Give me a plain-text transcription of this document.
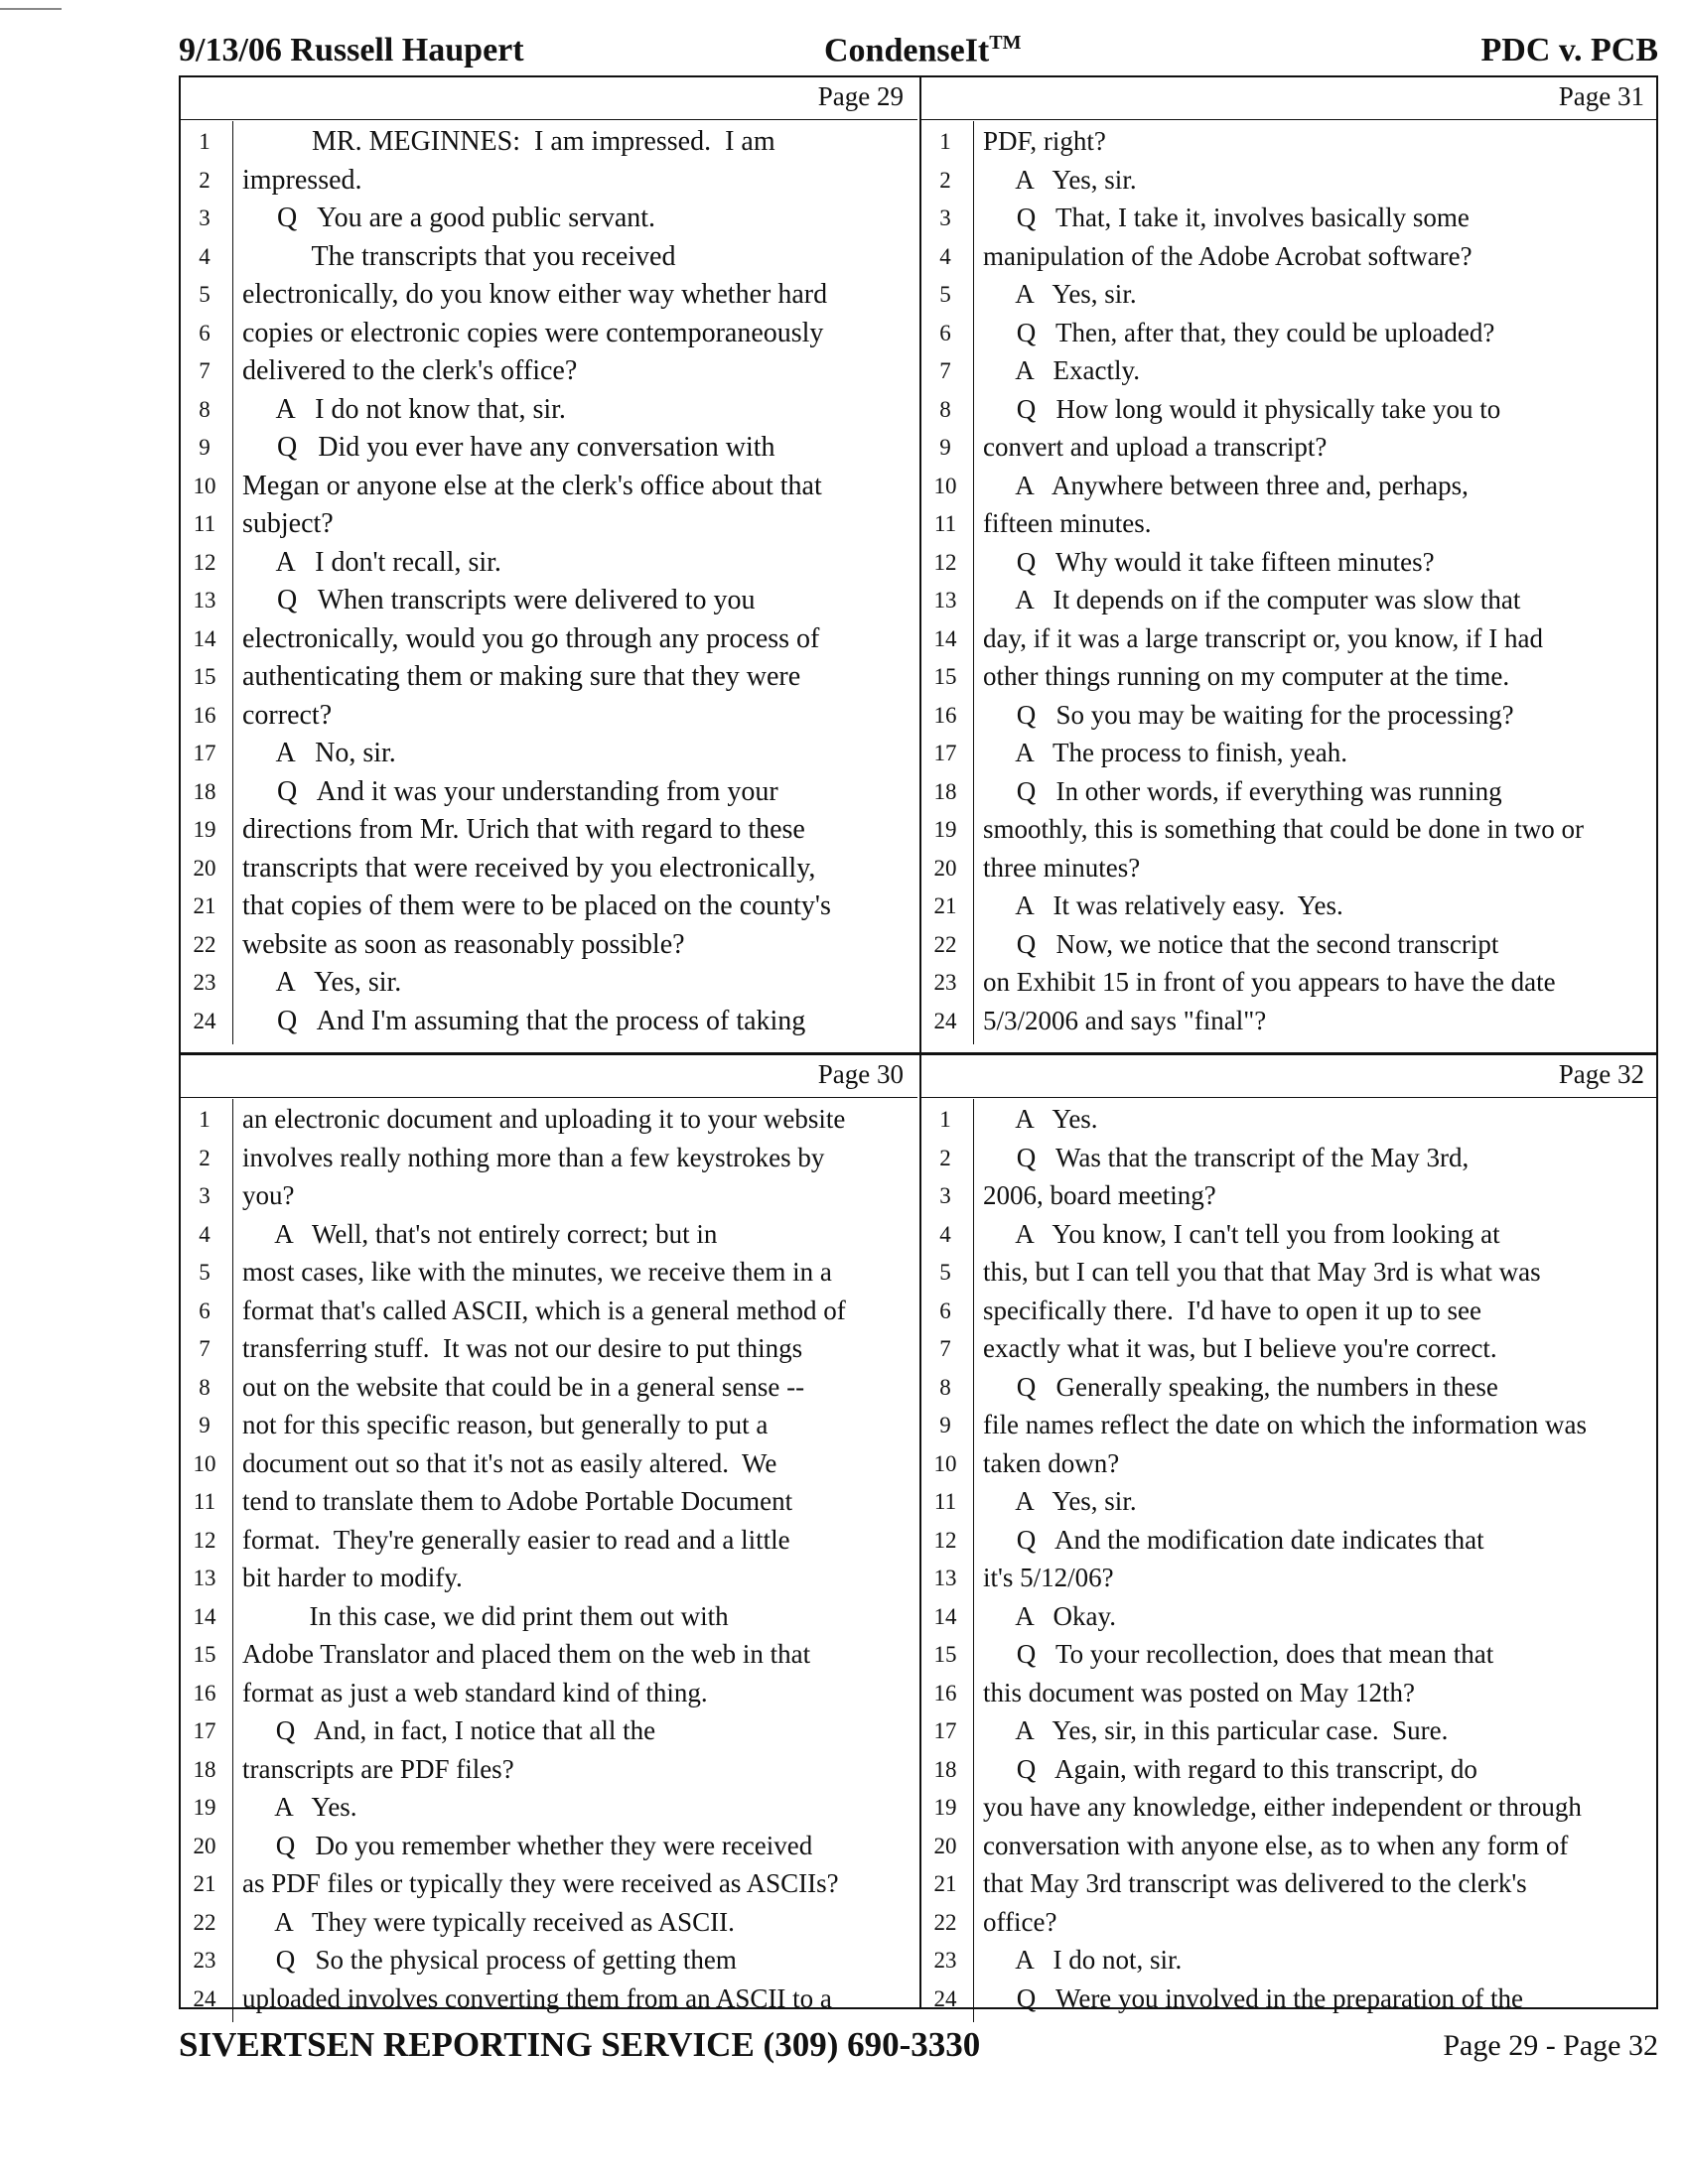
9/13/06 Russell Haupert	CondenseIt™	PDC v. PCB
Page 29
1	MR. MEGINNES:  I am impressed.  I am
2	impressed.
3	Q   You are a good public servant.
4	The transcripts that you received
5	electronically, do you know either way whether hard
6	copies or electronic copies were contemporaneously
7	delivered to the clerk's office?
8	A   I do not know that, sir.
9	Q   Did you ever have any conversation with
10 Megan or anyone else at the clerk's office about that
11 subject?
12 A   I don't recall, sir.
13 Q   When transcripts were delivered to you
14 electronically, would you go through any process of
15 authenticating them or making sure that they were
16 correct?
17 A   No, sir.
18 Q   And it was your understanding from your
19 directions from Mr. Urich that with regard to these
20 transcripts that were received by you electronically,
21 that copies of them were to be placed on the county's
22 website as soon as reasonably possible?
23 A   Yes, sir.
24 Q   And I'm assuming that the process of taking
Page 31
1	PDF, right?
2	A   Yes, sir.
3	Q   That, I take it, involves basically some
4	manipulation of the Adobe Acrobat software?
5	A   Yes, sir.
6	Q   Then, after that, they could be uploaded?
7	A   Exactly.
8	Q   How long would it physically take you to
9	convert and upload a transcript?
10 A   Anywhere between three and, perhaps,
11 fifteen minutes.
12 Q   Why would it take fifteen minutes?
13 A   It depends on if the computer was slow that
14 day, if it was a large transcript or, you know, if I had
15 other things running on my computer at the time.
16 Q   So you may be waiting for the processing?
17 A   The process to finish, yeah.
18 Q   In other words, if everything was running
19 smoothly, this is something that could be done in two or
20 three minutes?
21 A   It was relatively easy.  Yes.
22 Q   Now, we notice that the second transcript
23 on Exhibit 15 in front of you appears to have the date
24 5/3/2006 and says "final"?
Page 30
1	an electronic document and uploading it to your website
2	involves really nothing more than a few keystrokes by
3	you?
4	A   Well, that's not entirely correct; but in
5	most cases, like with the minutes, we receive them in a
6	format that's called ASCII, which is a general method of
7	transferring stuff.  It was not our desire to put things
8	out on the website that could be in a general sense --
9	not for this specific reason, but generally to put a
10 document out so that it's not as easily altered.  We
11 tend to translate them to Adobe Portable Document
12 format.  They're generally easier to read and a little
13 bit harder to modify.
14 In this case, we did print them out with
15 Adobe Translator and placed them on the web in that
16 format as just a web standard kind of thing.
17 Q   And, in fact, I notice that all the
18 transcripts are PDF files?
19 A   Yes.
20 Q   Do you remember whether they were received
21 as PDF files or typically they were received as ASCIIs?
22 A   They were typically received as ASCII.
23 Q   So the physical process of getting them
24 uploaded involves converting them from an ASCII to a
Page 32
1	A   Yes.
2	Q   Was that the transcript of the May 3rd,
3	2006, board meeting?
4	A   You know, I can't tell you from looking at
5	this, but I can tell you that that May 3rd is what was
6	specifically there.  I'd have to open it up to see
7	exactly what it was, but I believe you're correct.
8	Q   Generally speaking, the numbers in these
9	file names reflect the date on which the information was
10 taken down?
11 A   Yes, sir.
12 Q   And the modification date indicates that
13 it's 5/12/06?
14 A   Okay.
15 Q   To your recollection, does that mean that
16 this document was posted on May 12th?
17 A   Yes, sir, in this particular case.  Sure.
18 Q   Again, with regard to this transcript, do
19 you have any knowledge, either independent or through
20 conversation with anyone else, as to when any form of
21 that May 3rd transcript was delivered to the clerk's
22 office?
23 A   I do not, sir.
24 Q   Were you involved in the preparation of the
SIVERTSEN REPORTING SERVICE (309) 690-3330	Page 29 - Page 32
